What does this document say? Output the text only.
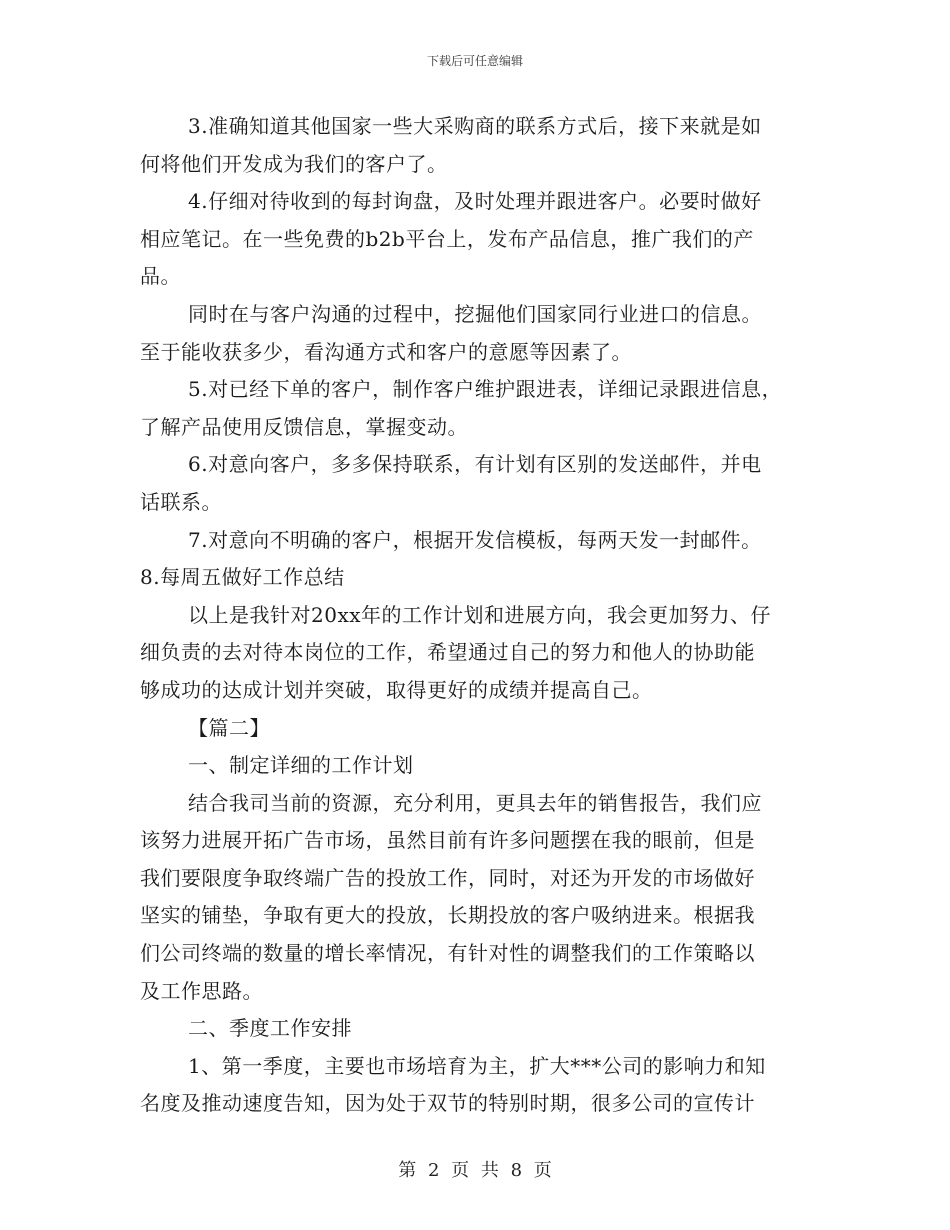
下载后可任意编辑
3.准确知道其他国家一些大采购商的联系方式后，接下来就是如
何将他们开发成为我们的客户了。
4.仔细对待收到的每封询盘，及时处理并跟进客户。必要时做好
相应笔记。在一些免费的b2b平台上，发布产品信息，推广我们的产
品。
同时在与客户沟通的过程中，挖掘他们国家同行业进口的信息。
至于能收获多少，看沟通方式和客户的意愿等因素了。
5.对已经下单的客户，制作客户维护跟进表，详细记录跟进信息，
了解产品使用反馈信息，掌握变动。
6.对意向客户，多多保持联系，有计划有区别的发送邮件，并电
话联系。
7.对意向不明确的客户，根据开发信模板，每两天发一封邮件。
8.每周五做好工作总结
以上是我针对20xx年的工作计划和进展方向，我会更加努力、仔
细负责的去对待本岗位的工作，希望通过自己的努力和他人的协助能
够成功的达成计划并突破，取得更好的成绩并提高自己。
【篇二】
一、制定详细的工作计划
结合我司当前的资源，充分利用，更具去年的销售报告，我们应
该努力进展开拓广告市场，虽然目前有许多问题摆在我的眼前，但是
我们要限度争取终端广告的投放工作，同时，对还为开发的市场做好
坚实的铺垫，争取有更大的投放，长期投放的客户吸纳进来。根据我
们公司终端的数量的增长率情况，有针对性的调整我们的工作策略以
及工作思路。
二、季度工作安排
1、第一季度，主要也市场培育为主，扩大***公司的影响力和知
名度及推动速度告知，因为处于双节的特别时期，很多公司的宣传计
第 2 页 共 8 页
